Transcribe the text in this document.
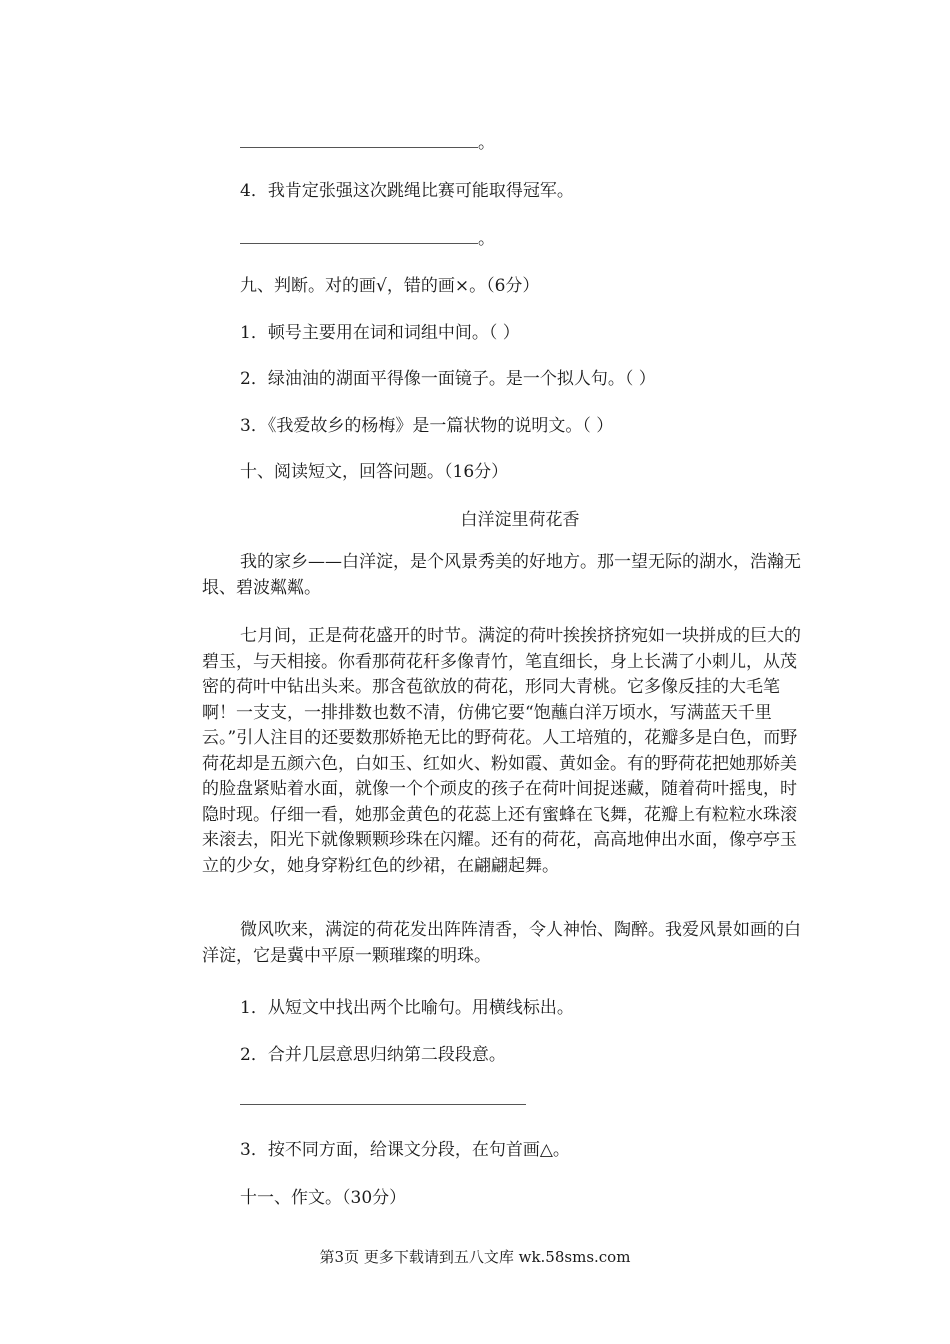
。
4．我肯定张强这次跳绳比赛可能取得冠军。
。
九、判断。对的画√，错的画×。（6分）
1．顿号主要用在词和词组中间。（ ）
2．绿油油的湖面平得像一面镜子。是一个拟人句。（ ）
3．《我爱故乡的杨梅》是一篇状物的说明文。（ ）
十、阅读短文，回答问题。（16分）
白洋淀里荷花香

我的家乡——白洋淀，是个风景秀美的好地方。那一望无际的湖水，浩瀚无垠、碧波粼粼。

七月间，正是荷花盛开的时节。满淀的荷叶挨挨挤挤宛如一块拼成的巨大的碧玉，与天相接。你看那荷花秆多像青竹，笔直细长，身上长满了小刺儿，从茂密的荷叶中钻出头来。那含苞欲放的荷花，形同大青桃。它多像反挂的大毛笔啊！一支支，一排排数也数不清，仿佛它要“饱蘸白洋万顷水，写满蓝天千里云。”引人注目的还要数那娇艳无比的野荷花。人工培殖的，花瓣多是白色，而野荷花却是五颜六色，白如玉、红如火、粉如霞、黄如金。有的野荷花把她那娇美的脸盘紧贴着水面，就像一个个顽皮的孩子在荷叶间捉迷藏，随着荷叶摇曳，时隐时现。仔细一看，她那金黄色的花蕊上还有蜜蜂在飞舞，花瓣上有粒粒水珠滚来滚去，阳光下就像颗颗珍珠在闪耀。还有的荷花，高高地伸出水面，像亭亭玉立的少女，她身穿粉红色的纱裙，在翩翩起舞。

微风吹来，满淀的荷花发出阵阵清香，令人神怡、陶醉。我爱风景如画的白洋淀，它是冀中平原一颗璀璨的明珠。

1．从短文中找出两个比喻句。用横线标出。
2．合并几层意思归纳第二段段意。
3．按不同方面，给课文分段，在句首画△。
十一、作文。（30分）
第3页 更多下载请到五八文库 wk.58sms.com
